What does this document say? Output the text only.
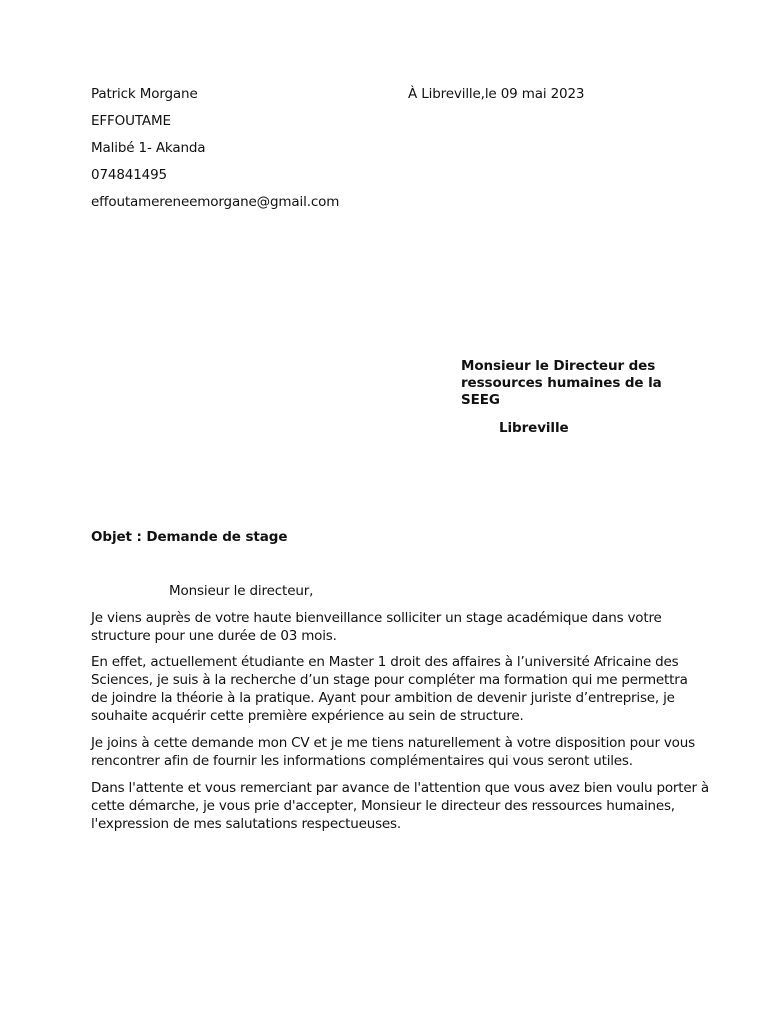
Patrick Morgane
EFFOUTAME
Malibé 1- Akanda
074841495
effoutamereneemorgane@gmail.com
À Libreville,le 09 mai 2023
Monsieur le Directeur des
ressources humaines de la
SEEG
Libreville
Objet : Demande de stage
Monsieur le directeur,
Je viens auprès de votre haute bienveillance solliciter un stage académique dans votre
structure pour une durée de 03 mois.
En effet, actuellement étudiante en Master 1 droit des affaires à l’université Africaine des
Sciences, je suis à la recherche d’un stage pour compléter ma formation qui me permettra
de joindre la théorie à la pratique. Ayant pour ambition de devenir juriste d’entreprise, je
souhaite acquérir cette première expérience au sein de structure.
Je joins à cette demande mon CV et je me tiens naturellement à votre disposition pour vous
rencontrer afin de fournir les informations complémentaires qui vous seront utiles.
Dans l'attente et vous remerciant par avance de l'attention que vous avez bien voulu porter à
cette démarche, je vous prie d'accepter, Monsieur le directeur des ressources humaines,
l'expression de mes salutations respectueuses.
